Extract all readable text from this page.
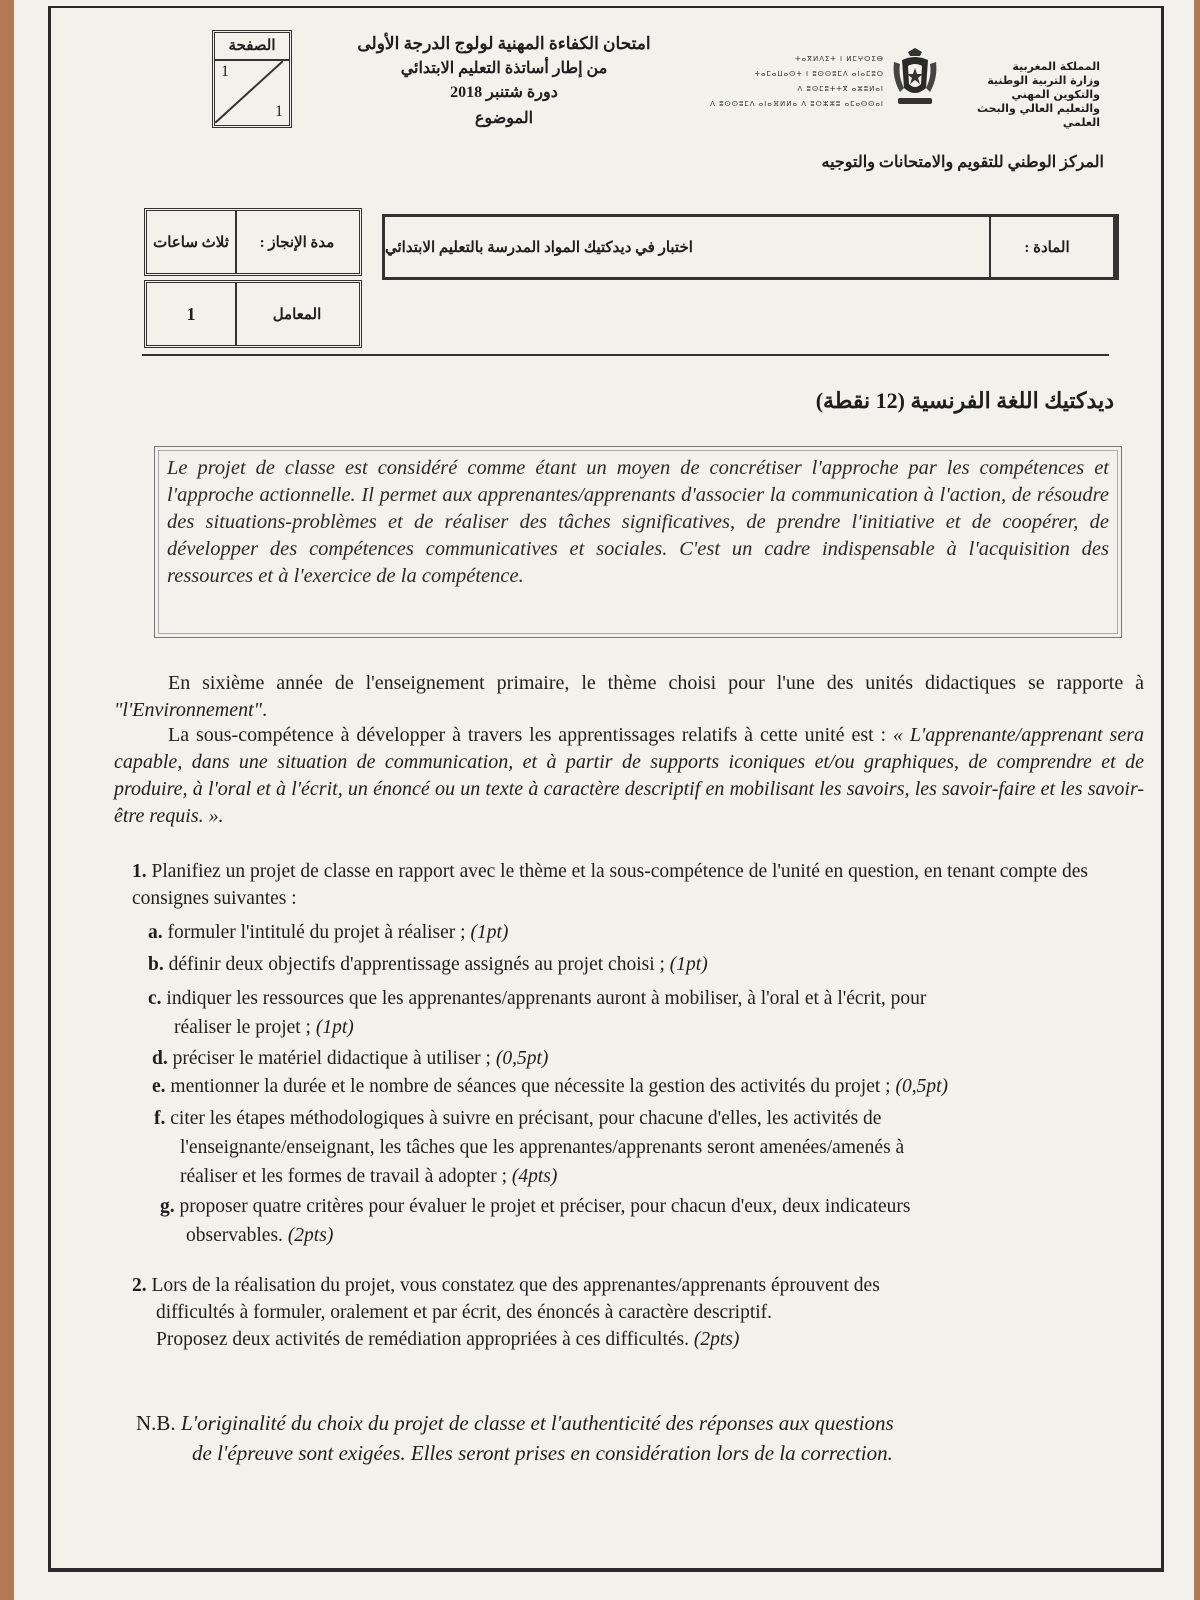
الصفحة
1
1
امتحان الكفاءة المهنية لولوج الدرجة الأولى
من إطار أساتذة التعليم الابتدائي
دورة شتنبر 2018
الموضوع
ⵜⴰⴳⵍⴷⵉⵜ ⵏ ⵍⵎⵖⵔⵉⴱ
ⵜⴰⵎⴰⵡⴰⵙⵜ ⵏ ⵓⵙⵙⵓⵎⴷ ⴰⵏⴰⵎⵓⵔ
ⴷ ⵓⵙⵎⵓⵜⵜⴳ ⴰⵣⵓⵍⴰⵏ
ⴷ ⵓⵙⵙⵓⵎⴷ ⴰⵏⴰⴼⵍⵍⴰ ⴷ ⵓⵔⵣⵣⵓ ⴰⵎⴰⵙⵙⴰⵏ
المملكة المغربية
وزارة التربية الوطنية
والتكوين المهني
والتعليم العالي والبحث العلمي
المركز الوطني للتقويم والامتحانات والتوجيه
ثلاث ساعات	مدة الإنجاز :
1	المعامل
اختبار في ديدكتيك المواد المدرسة بالتعليم الابتدائي	المادة :
ديدكتيك اللغة الفرنسية (12 نقطة)

Le projet de classe est considéré comme étant un moyen de concrétiser l'approche par les compétences et l'approche actionnelle. Il permet aux apprenantes/apprenants d'associer la communication à l'action, de résoudre des situations-problèmes et de réaliser des tâches significatives, de prendre l'initiative et de coopérer, de développer des compétences communicatives et sociales. C'est un cadre indispensable à l'acquisition des ressources et à l'exercice de la compétence.

En sixième année de l'enseignement primaire, le thème choisi pour l'une des unités didactiques se rapporte à "l'Environnement".
La sous-compétence à développer à travers les apprentissages relatifs à cette unité est : « L'apprenante/apprenant sera capable, dans une situation de communication, et à partir de supports iconiques et/ou graphiques, de comprendre et de produire, à l'oral et à l'écrit, un énoncé ou un texte à caractère descriptif en mobilisant les savoirs, les savoir-faire et les savoir-être requis. ».
1. Planifiez un projet de classe en rapport avec le thème et la sous-compétence de l'unité en question, en tenant compte des consignes suivantes :
a. formuler l'intitulé du projet à réaliser ; (1pt)
b. définir deux objectifs d'apprentissage assignés au projet choisi ; (1pt)
c. indiquer les ressources que les apprenantes/apprenants auront à mobiliser, à l'oral et à l'écrit, pour
réaliser le projet ; (1pt)
d. préciser le matériel didactique à utiliser ; (0,5pt)
e. mentionner la durée et le nombre de séances que nécessite la gestion des activités du projet ; (0,5pt)
f. citer les étapes méthodologiques à suivre en précisant, pour chacune d'elles, les activités de
l'enseignante/enseignant, les tâches que les apprenantes/apprenants seront amenées/amenés à
réaliser et les formes de travail à adopter ; (4pts)
g. proposer quatre critères pour évaluer le projet et préciser, pour chacun d'eux, deux indicateurs
observables. (2pts)
2. Lors de la réalisation du projet, vous constatez que des apprenantes/apprenants éprouvent des
difficultés à formuler, oralement et par écrit, des énoncés à caractère descriptif.
Proposez deux activités de remédiation appropriées à ces difficultés. (2pts)
N.B. L'originalité du choix du projet de classe et l'authenticité des réponses aux questions
de l'épreuve sont exigées. Elles seront prises en considération lors de la correction.
